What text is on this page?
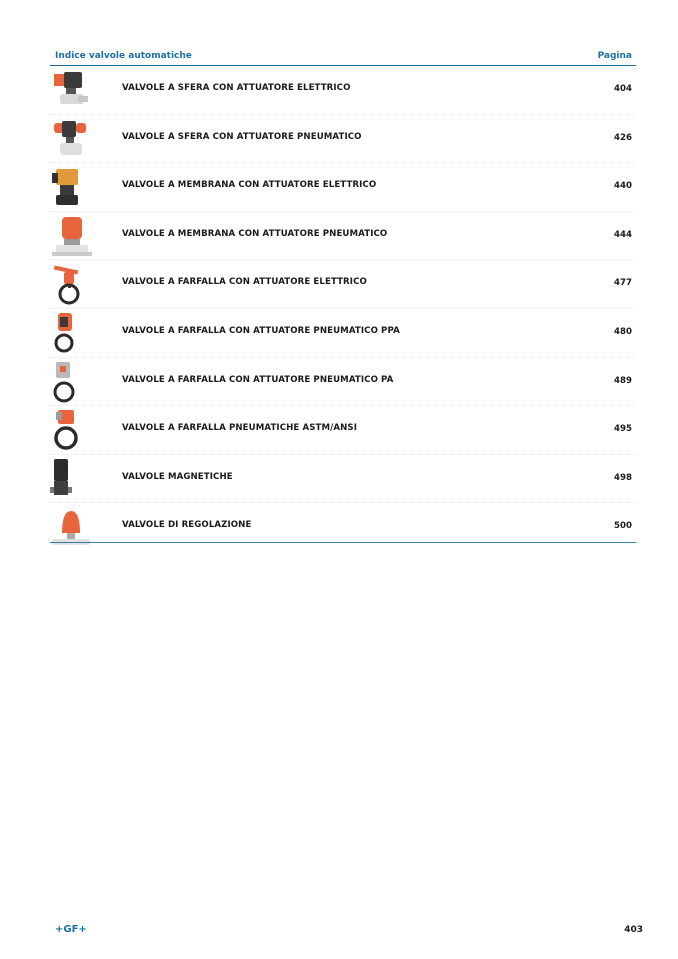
Indice valvole automatiche	Pagina
VALVOLE A SFERA CON ATTUATORE ELETTRICO	404
VALVOLE A SFERA CON ATTUATORE PNEUMATICO	426
VALVOLE A MEMBRANA CON ATTUATORE ELETTRICO	440
VALVOLE A MEMBRANA CON ATTUATORE PNEUMATICO	444
VALVOLE A FARFALLA CON ATTUATORE ELETTRICO	477
VALVOLE A FARFALLA CON ATTUATORE PNEUMATICO PPA	480
VALVOLE A FARFALLA CON ATTUATORE PNEUMATICO PA	489
VALVOLE A FARFALLA PNEUMATICHE ASTM/ANSI	495
VALVOLE MAGNETICHE	498
VALVOLE DI REGOLAZIONE	500
+GF+	403
